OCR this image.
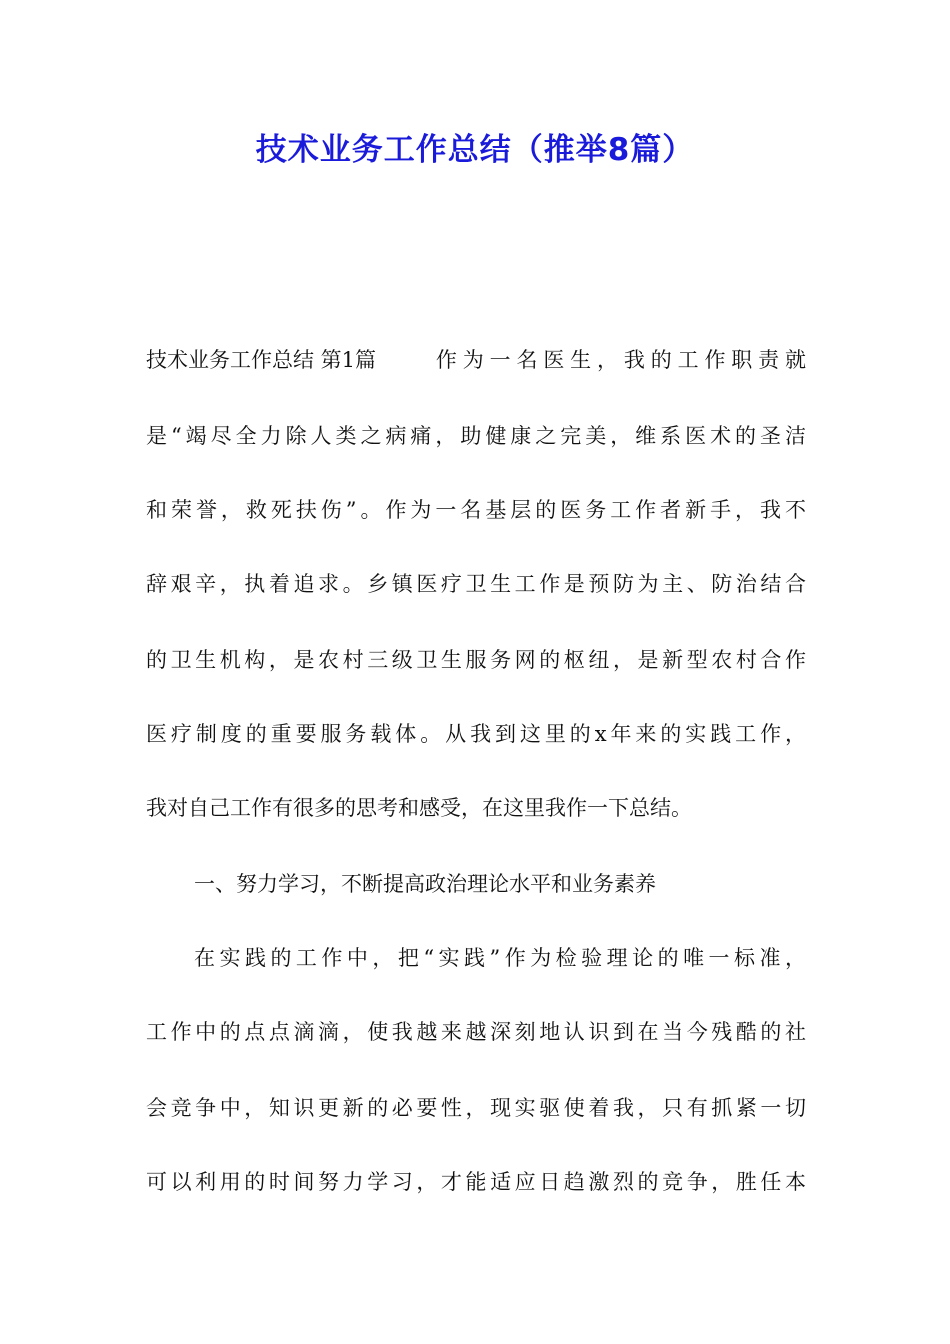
技术业务工作总结（推举8篇）

技术业务工作总结 第1篇	作为一名医生，我的工作职责就

是“竭尽全力除人类之病痛，助健康之完美，维系医术的圣洁

和荣誉，救死扶伤”。作为一名基层的医务工作者新手，我不

辞艰辛，执着追求。乡镇医疗卫生工作是预防为主、防治结合

的卫生机构，是农村三级卫生服务网的枢纽，是新型农村合作

医疗制度的重要服务载体。从我到这里的x年来的实践工作，

我对自己工作有很多的思考和感受，在这里我作一下总结。

一、努力学习，不断提高政治理论水平和业务素养

在实践的工作中，把“实践”作为检验理论的唯一标准，

工作中的点点滴滴，使我越来越深刻地认识到在当今残酷的社

会竞争中，知识更新的必要性，现实驱使着我，只有抓紧一切

可以利用的时间努力学习，才能适应日趋激烈的竞争，胜任本
